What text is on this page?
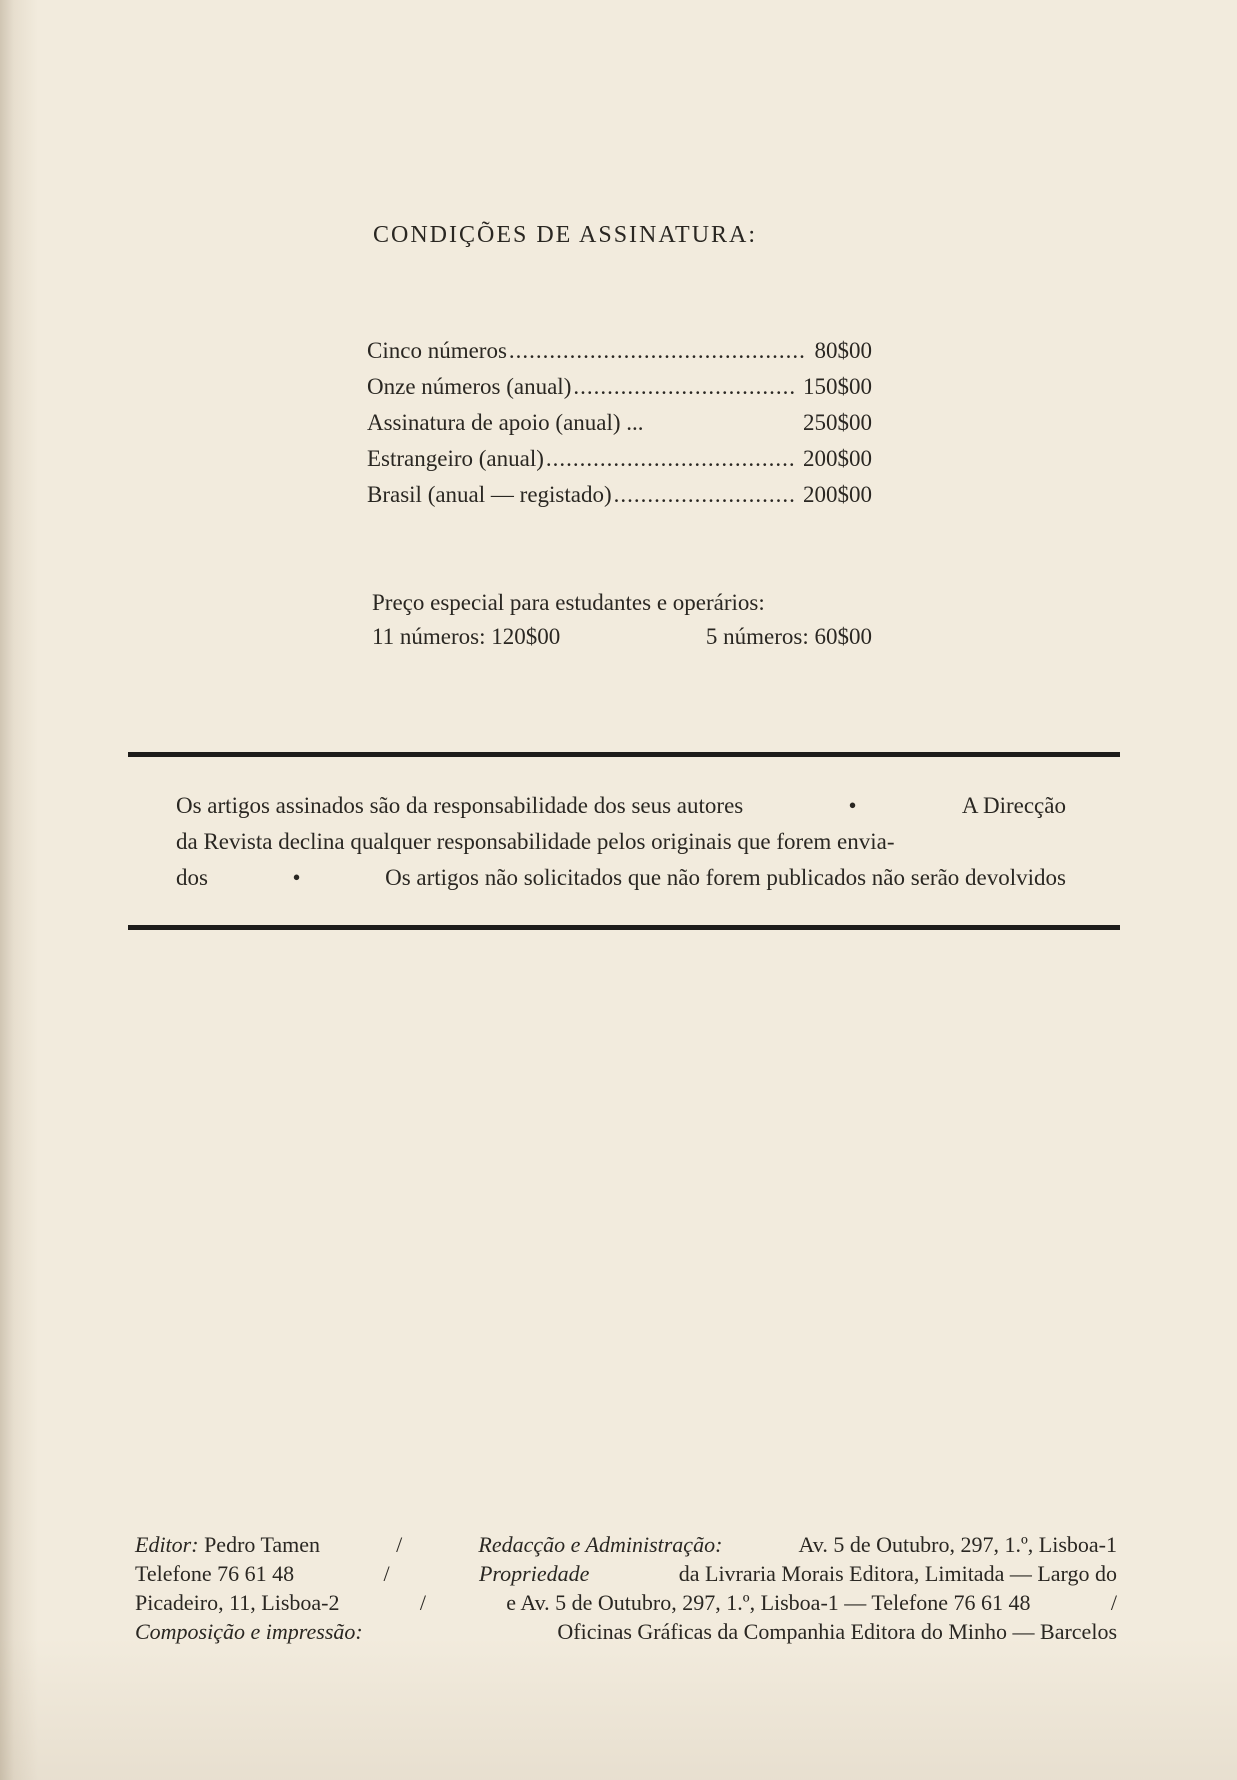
CONDIÇÕES DE ASSINATURA:
Cinco números .....	80$00
Onze números (anual) .....	150$00
Assinatura de apoio (anual) ...	250$00
Estrangeiro (anual) .....	200$00
Brasil (anual — registado) .....	200$00
Preço especial para estudantes e operários:
11 números: 120$00	5 números: 60$00
Os artigos assinados são da responsabilidade dos seus autores	•	A Direcção
da Revista declina qualquer responsabilidade pelos originais que forem envia-
dos	•	Os artigos não solicitados que não forem publicados não serão devolvidos
Editor: Pedro Tamen	/	Redacção e Administração:	Av. 5 de Outubro, 297, 1.º, Lisboa-1
Telefone 76 61 48	/	Propriedade	da Livraria Morais Editora, Limitada — Largo do
Picadeiro, 11, Lisboa-2	/	e Av. 5 de Outubro, 297, 1.º, Lisboa-1 — Telefone 76 61 48	/
Composição e impressão:	Oficinas Gráficas da Companhia Editora do Minho — Barcelos
